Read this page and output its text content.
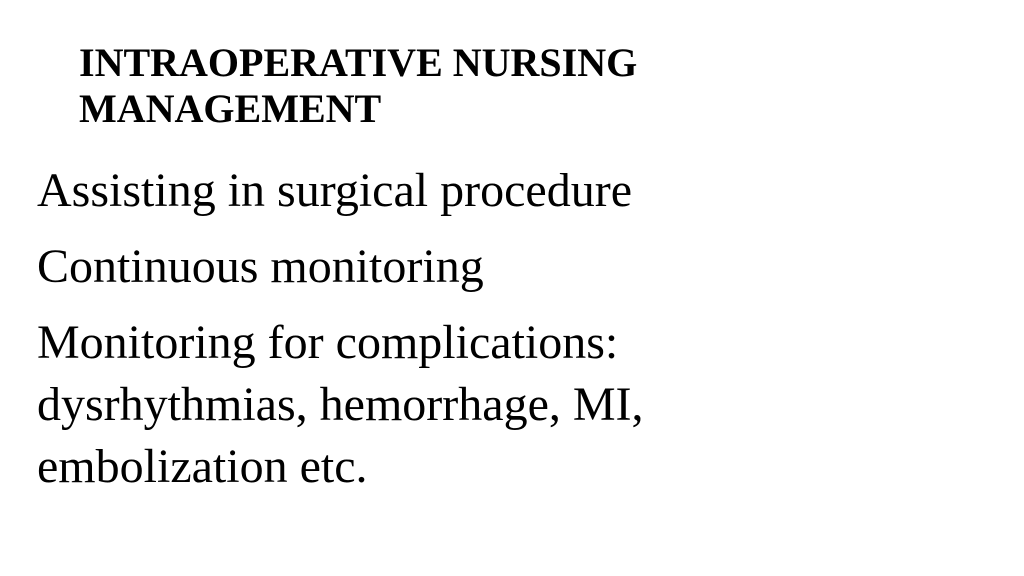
INTRAOPERATIVE NURSING
MANAGEMENT
Assisting in surgical procedure
Continuous monitoring
Monitoring for complications:
dysrhythmias, hemorrhage, MI,
embolization etc.
